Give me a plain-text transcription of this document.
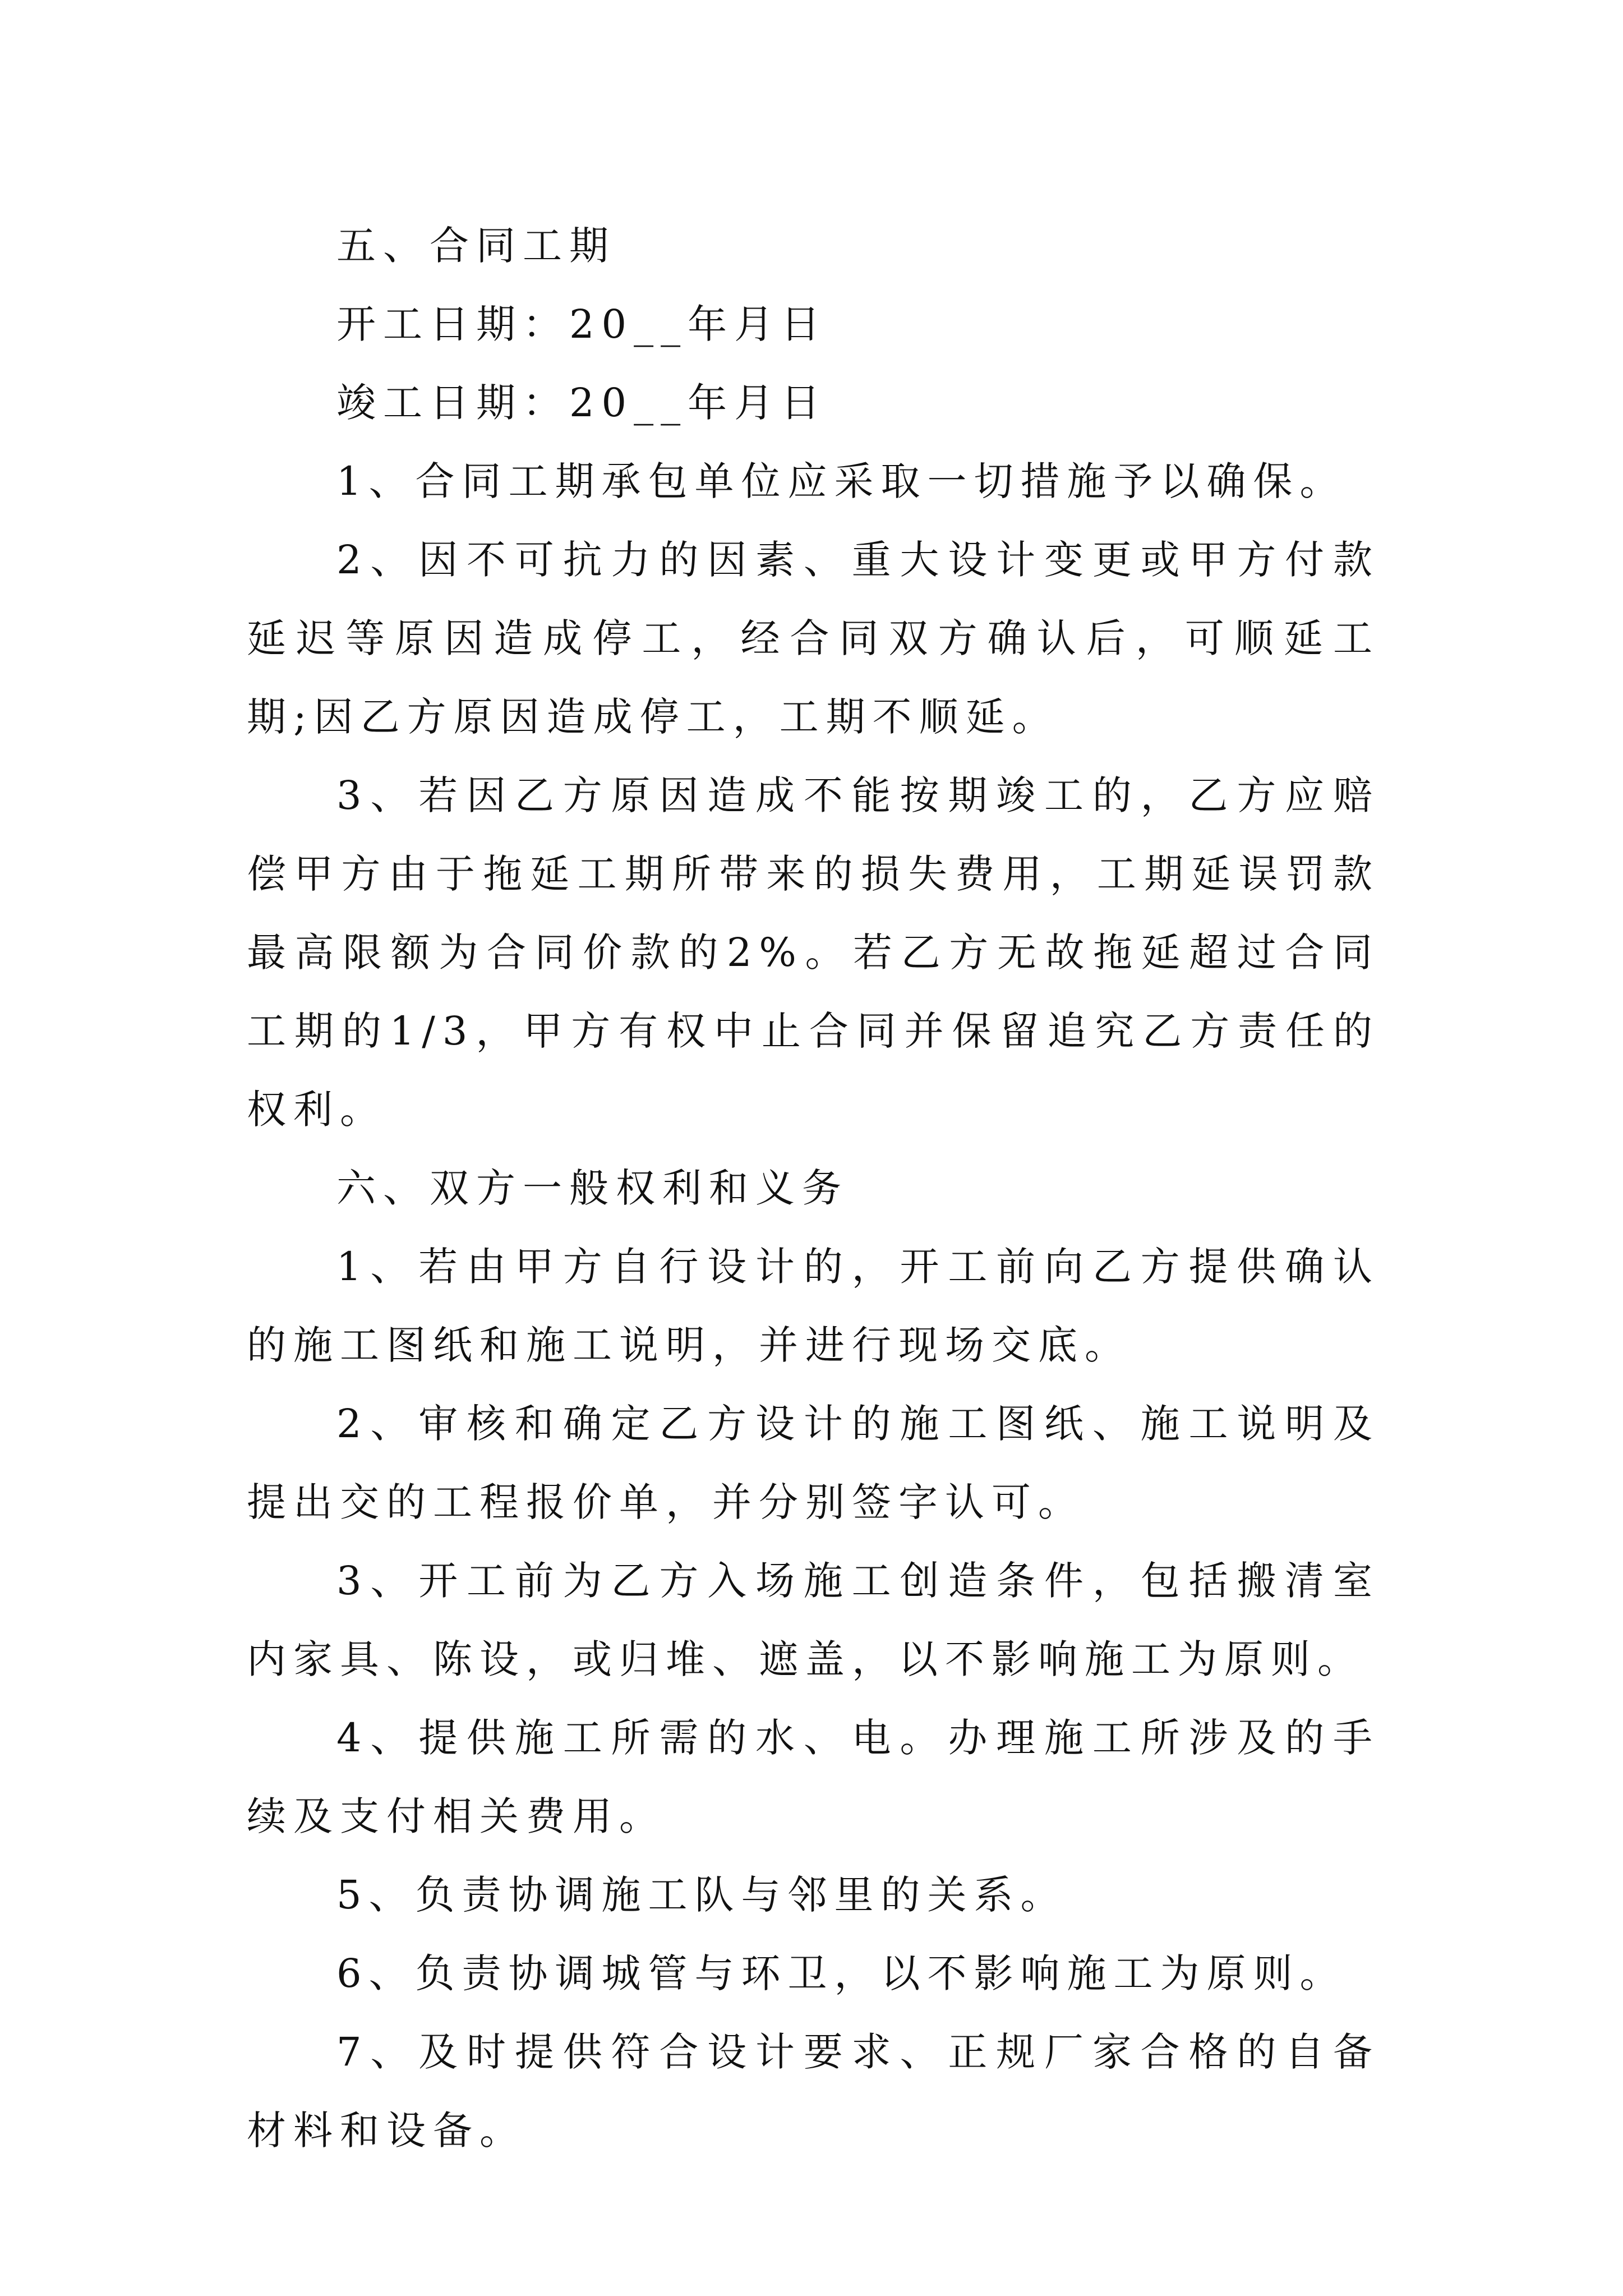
五、合同工期

开工日期：20__年月日

竣工日期：20__年月日

1、合同工期承包单位应采取一切措施予以确保。

2、因不可抗力的因素、重大设计变更或甲方付款延迟等原因造成停工，经合同双方确认后，可顺延工期;因乙方原因造成停工，工期不顺延。

3、若因乙方原因造成不能按期竣工的，乙方应赔偿甲方由于拖延工期所带来的损失费用，工期延误罚款最高限额为合同价款的2%。若乙方无故拖延超过合同工期的1/3，甲方有权中止合同并保留追究乙方责任的权利。

六、双方一般权利和义务

1、若由甲方自行设计的，开工前向乙方提供确认的施工图纸和施工说明，并进行现场交底。

2、审核和确定乙方设计的施工图纸、施工说明及提出交的工程报价单，并分别签字认可。

3、开工前为乙方入场施工创造条件，包括搬清室内家具、陈设，或归堆、遮盖，以不影响施工为原则。

4、提供施工所需的水、电。办理施工所涉及的手续及支付相关费用。

5、负责协调施工队与邻里的关系。

6、负责协调城管与环卫，以不影响施工为原则。

7、及时提供符合设计要求、正规厂家合格的自备材料和设备。
